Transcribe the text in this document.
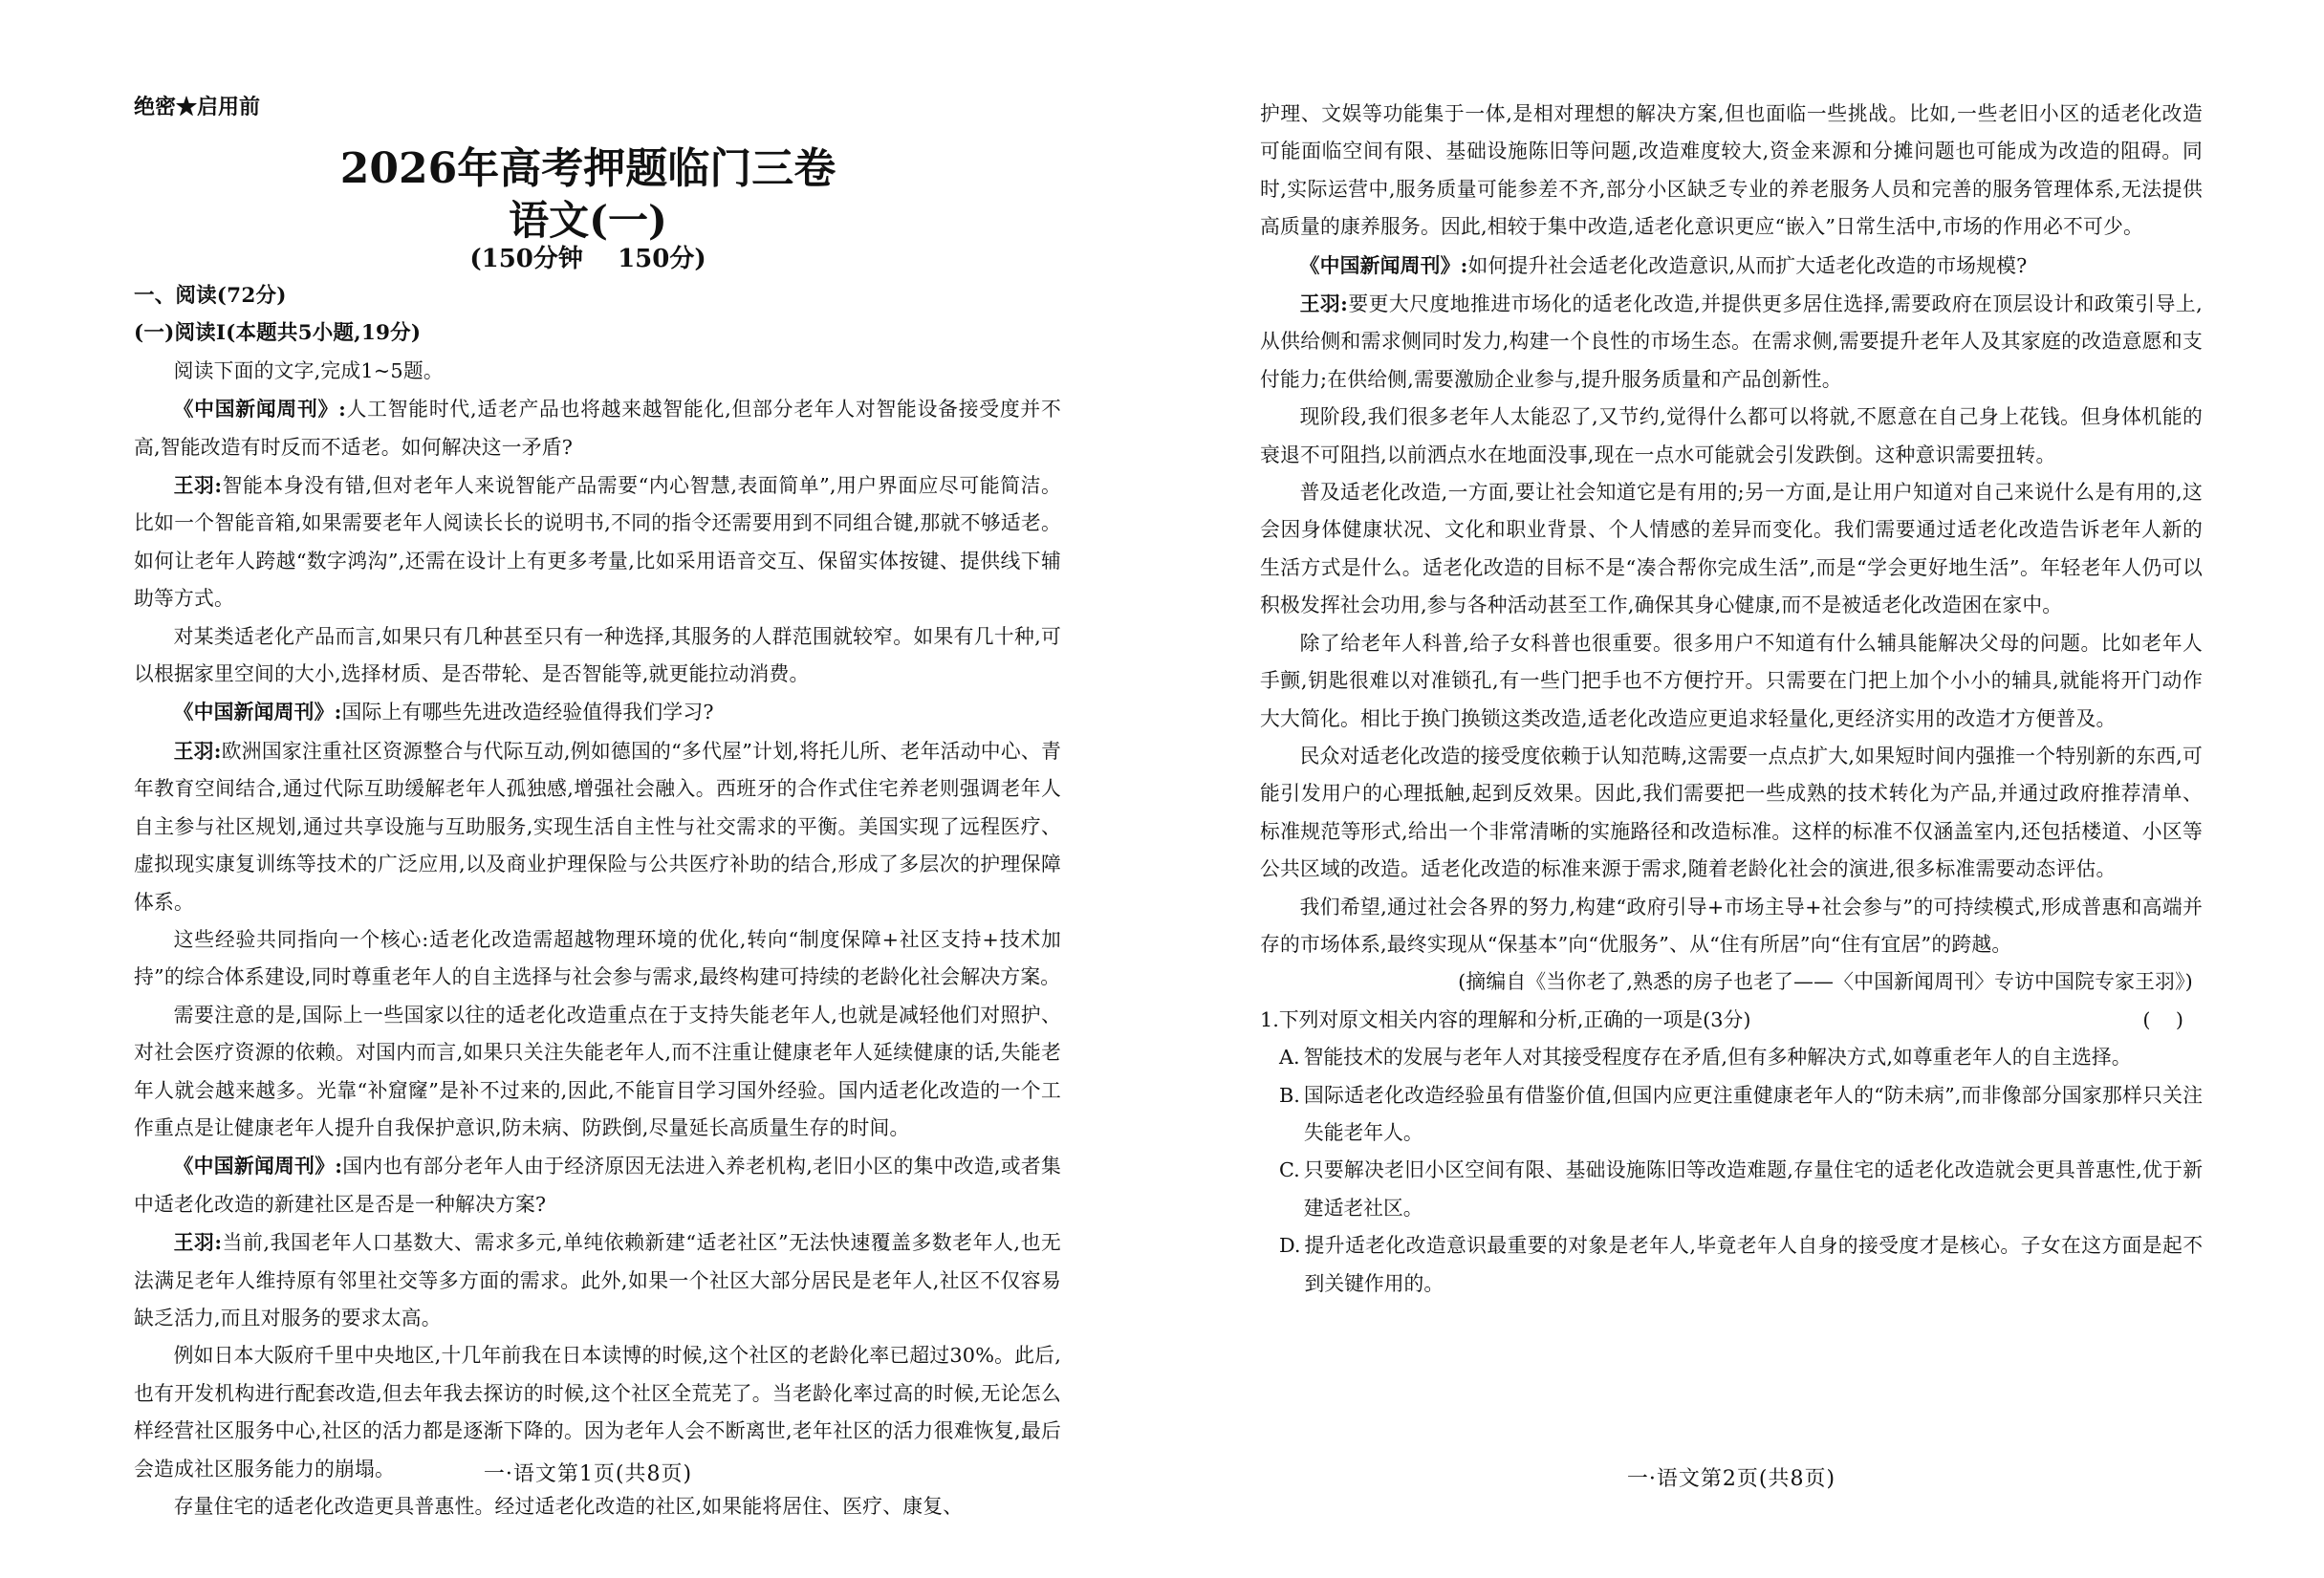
绝密★启用前
2026年高考押题临门三卷
语文(一)
(150分钟    150分)

一、阅读(72分)

(一)阅读Ⅰ(本题共5小题,19分)

阅读下面的文字,完成1~5题。

《中国新闻周刊》:人工智能时代,适老产品也将越来越智能化,但部分老年人对智能设备接受度并不高,智能改造有时反而不适老。如何解决这一矛盾?

王羽:智能本身没有错,但对老年人来说智能产品需要“内心智慧,表面简单”,用户界面应尽可能简洁。比如一个智能音箱,如果需要老年人阅读长长的说明书,不同的指令还需要用到不同组合键,那就不够适老。如何让老年人跨越“数字鸿沟”,还需在设计上有更多考量,比如采用语音交互、保留实体按键、提供线下辅助等方式。

对某类适老化产品而言,如果只有几种甚至只有一种选择,其服务的人群范围就较窄。如果有几十种,可以根据家里空间的大小,选择材质、是否带轮、是否智能等,就更能拉动消费。

《中国新闻周刊》:国际上有哪些先进改造经验值得我们学习?

王羽:欧洲国家注重社区资源整合与代际互动,例如德国的“多代屋”计划,将托儿所、老年活动中心、青年教育空间结合,通过代际互助缓解老年人孤独感,增强社会融入。西班牙的合作式住宅养老则强调老年人自主参与社区规划,通过共享设施与互助服务,实现生活自主性与社交需求的平衡。美国实现了远程医疗、虚拟现实康复训练等技术的广泛应用,以及商业护理保险与公共医疗补助的结合,形成了多层次的护理保障体系。

这些经验共同指向一个核心:适老化改造需超越物理环境的优化,转向“制度保障+社区支持+技术加持”的综合体系建设,同时尊重老年人的自主选择与社会参与需求,最终构建可持续的老龄化社会解决方案。

需要注意的是,国际上一些国家以往的适老化改造重点在于支持失能老年人,也就是减轻他们对照护、对社会医疗资源的依赖。对国内而言,如果只关注失能老年人,而不注重让健康老年人延续健康的话,失能老年人就会越来越多。光靠“补窟窿”是补不过来的,因此,不能盲目学习国外经验。国内适老化改造的一个工作重点是让健康老年人提升自我保护意识,防未病、防跌倒,尽量延长高质量生存的时间。

《中国新闻周刊》:国内也有部分老年人由于经济原因无法进入养老机构,老旧小区的集中改造,或者集中适老化改造的新建社区是否是一种解决方案?

王羽:当前,我国老年人口基数大、需求多元,单纯依赖新建“适老社区”无法快速覆盖多数老年人,也无法满足老年人维持原有邻里社交等多方面的需求。此外,如果一个社区大部分居民是老年人,社区不仅容易缺乏活力,而且对服务的要求太高。

例如日本大阪府千里中央地区,十几年前我在日本读博的时候,这个社区的老龄化率已超过30%。此后,也有开发机构进行配套改造,但去年我去探访的时候,这个社区全荒芜了。当老龄化率过高的时候,无论怎么样经营社区服务中心,社区的活力都是逐渐下降的。因为老年人会不断离世,老年社区的活力很难恢复,最后会造成社区服务能力的崩塌。

存量住宅的适老化改造更具普惠性。经过适老化改造的社区,如果能将居住、医疗、康复、

一·语文第1页(共8页)

护理、文娱等功能集于一体,是相对理想的解决方案,但也面临一些挑战。比如,一些老旧小区的适老化改造可能面临空间有限、基础设施陈旧等问题,改造难度较大,资金来源和分摊问题也可能成为改造的阻碍。同时,实际运营中,服务质量可能参差不齐,部分小区缺乏专业的养老服务人员和完善的服务管理体系,无法提供高质量的康养服务。因此,相较于集中改造,适老化意识更应“嵌入”日常生活中,市场的作用必不可少。

《中国新闻周刊》:如何提升社会适老化改造意识,从而扩大适老化改造的市场规模?

王羽:要更大尺度地推进市场化的适老化改造,并提供更多居住选择,需要政府在顶层设计和政策引导上,从供给侧和需求侧同时发力,构建一个良性的市场生态。在需求侧,需要提升老年人及其家庭的改造意愿和支付能力;在供给侧,需要激励企业参与,提升服务质量和产品创新性。

现阶段,我们很多老年人太能忍了,又节约,觉得什么都可以将就,不愿意在自己身上花钱。但身体机能的衰退不可阻挡,以前洒点水在地面没事,现在一点水可能就会引发跌倒。这种意识需要扭转。

普及适老化改造,一方面,要让社会知道它是有用的;另一方面,是让用户知道对自己来说什么是有用的,这会因身体健康状况、文化和职业背景、个人情感的差异而变化。我们需要通过适老化改造告诉老年人新的生活方式是什么。适老化改造的目标不是“凑合帮你完成生活”,而是“学会更好地生活”。年轻老年人仍可以积极发挥社会功用,参与各种活动甚至工作,确保其身心健康,而不是被适老化改造困在家中。

除了给老年人科普,给子女科普也很重要。很多用户不知道有什么辅具能解决父母的问题。比如老年人手颤,钥匙很难以对准锁孔,有一些门把手也不方便拧开。只需要在门把上加个小小的辅具,就能将开门动作大大简化。相比于换门换锁这类改造,适老化改造应更追求轻量化,更经济实用的改造才方便普及。

民众对适老化改造的接受度依赖于认知范畴,这需要一点点扩大,如果短时间内强推一个特别新的东西,可能引发用户的心理抵触,起到反效果。因此,我们需要把一些成熟的技术转化为产品,并通过政府推荐清单、标准规范等形式,给出一个非常清晰的实施路径和改造标准。这样的标准不仅涵盖室内,还包括楼道、小区等公共区域的改造。适老化改造的标准来源于需求,随着老龄化社会的演进,很多标准需要动态评估。

我们希望,通过社会各界的努力,构建“政府引导+市场主导+社会参与”的可持续模式,形成普惠和高端并存的市场体系,最终实现从“保基本”向“优服务”、从“住有所居”向“住有宜居”的跨越。

(摘编自《当你老了,熟悉的房子也老了——〈中国新闻周刊〉专访中国院专家王羽》)

1.下列对原文相关内容的理解和分析,正确的一项是(3分)	(    )
A. 智能技术的发展与老年人对其接受程度存在矛盾,但有多种解决方式,如尊重老年人的自主选择。
B. 国际适老化改造经验虽有借鉴价值,但国内应更注重健康老年人的“防未病”,而非像部分国家那样只关注失能老年人。
C. 只要解决老旧小区空间有限、基础设施陈旧等改造难题,存量住宅的适老化改造就会更具普惠性,优于新建适老社区。
D. 提升适老化改造意识最重要的对象是老年人,毕竟老年人自身的接受度才是核心。子女在这方面是起不到关键作用的。
一·语文第2页(共8页)
